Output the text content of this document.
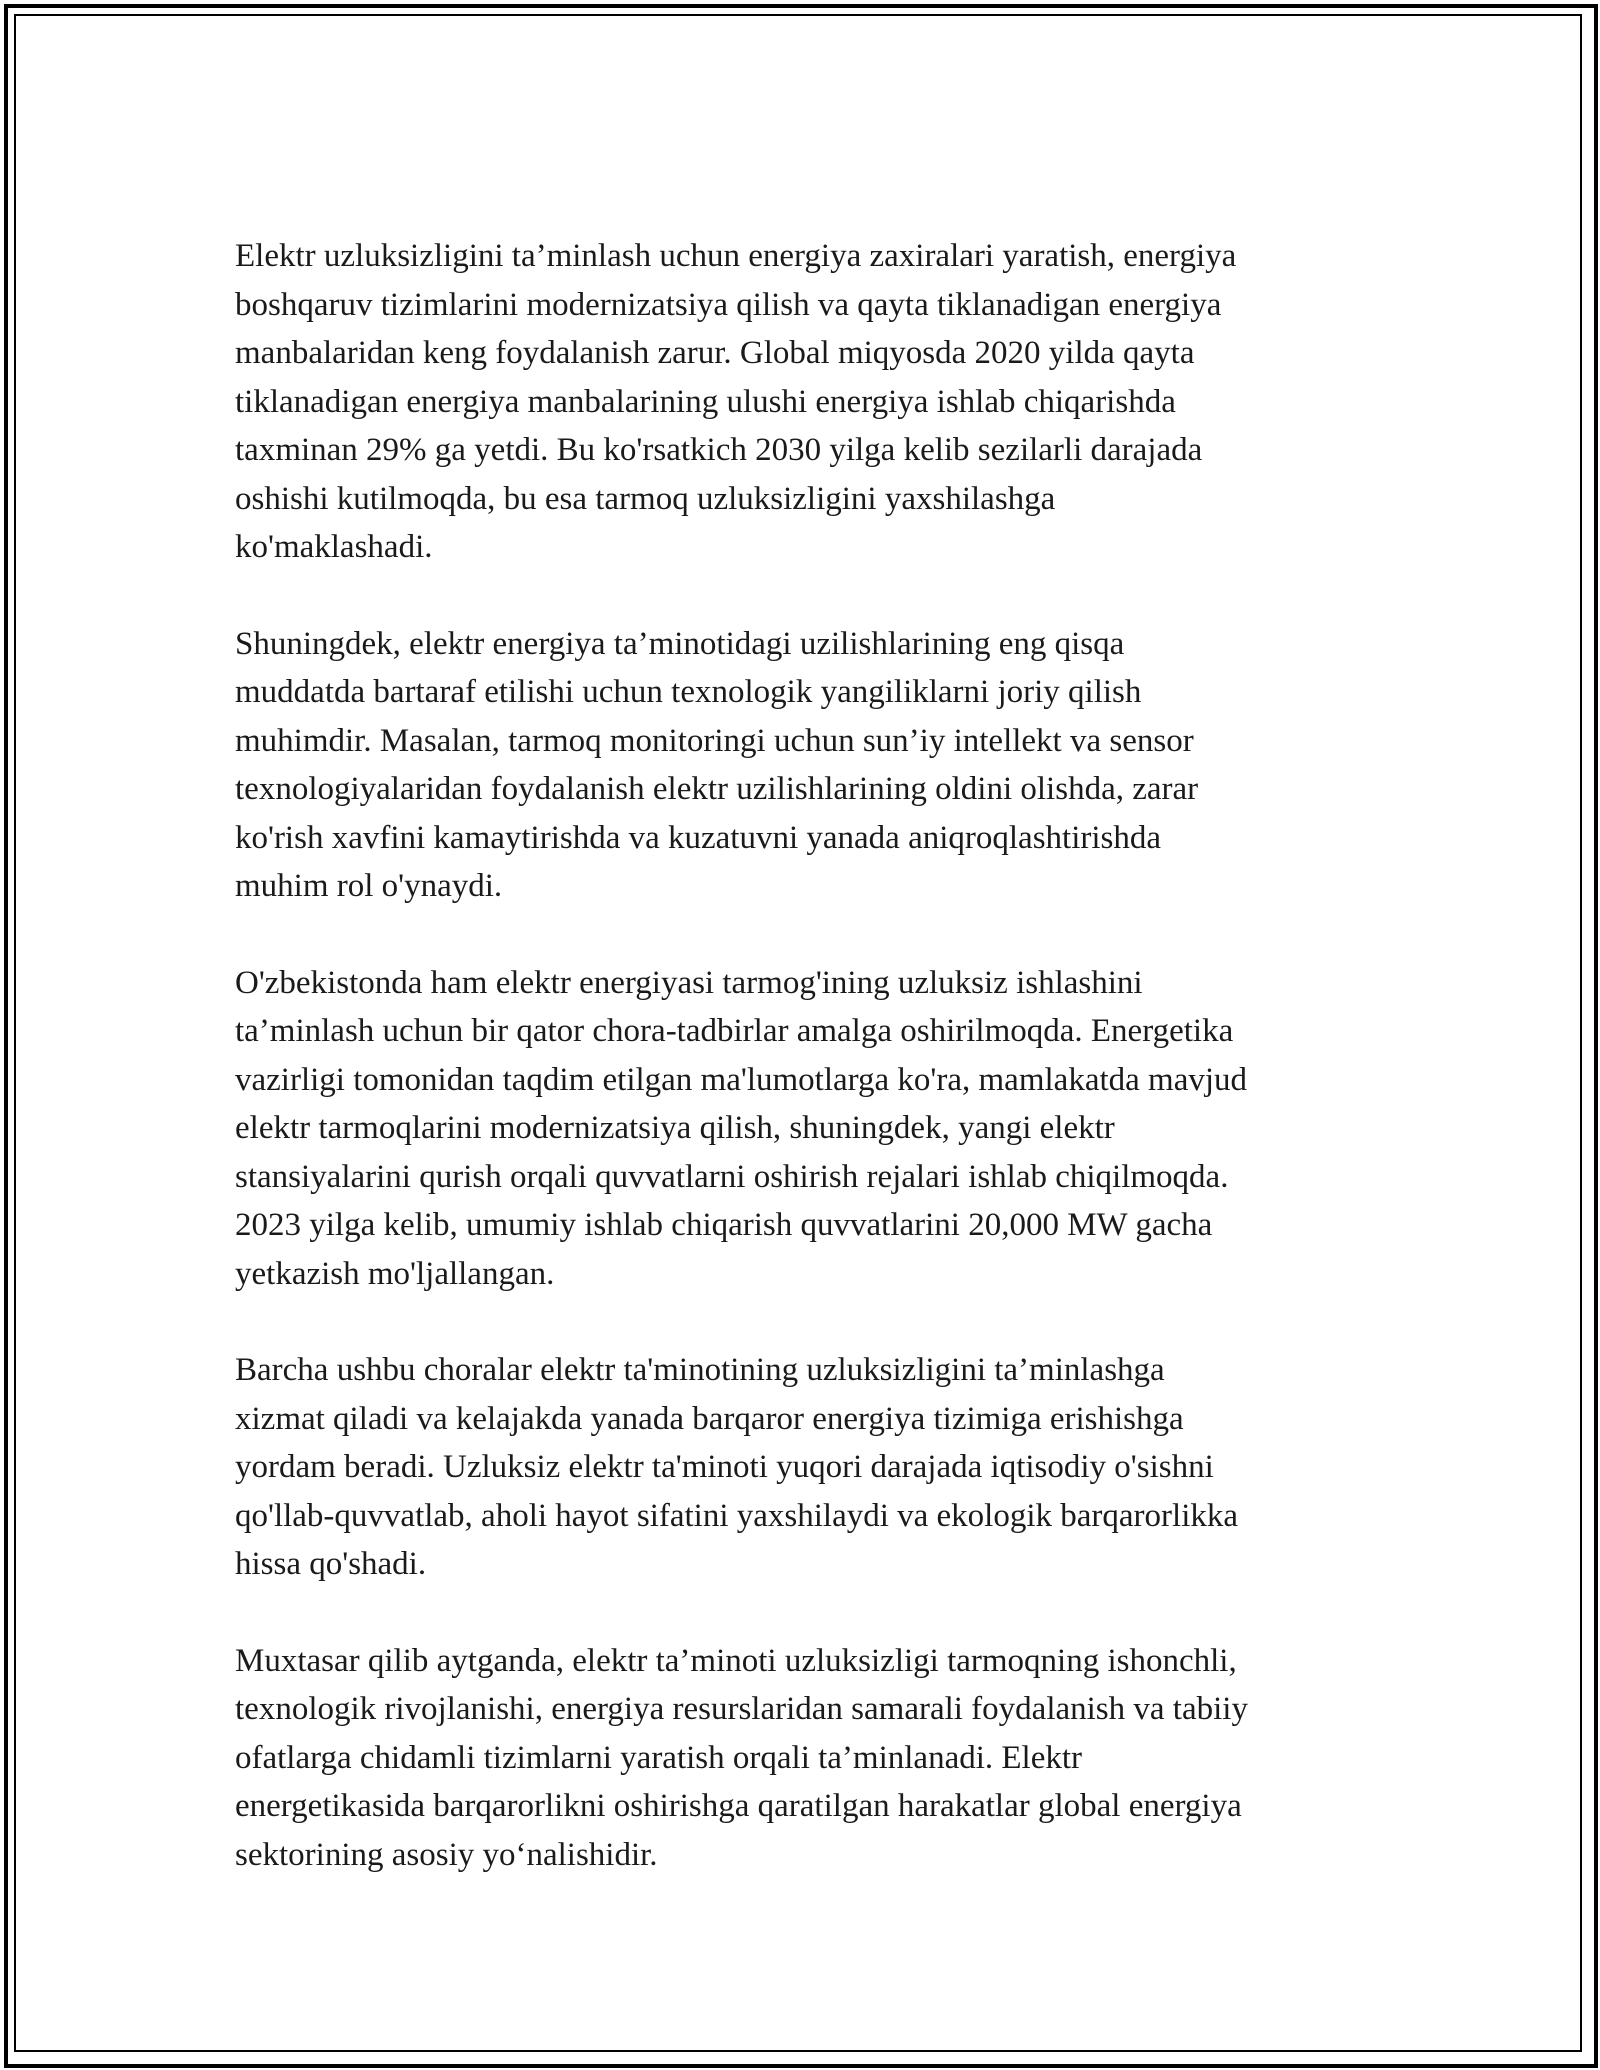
Elektr uzluksizligini ta’minlash uchun energiya zaxiralari yaratish, energiya
boshqaruv tizimlarini modernizatsiya qilish va qayta tiklanadigan energiya
manbalaridan keng foydalanish zarur. Global miqyosda 2020 yilda qayta
tiklanadigan energiya manbalarining ulushi energiya ishlab chiqarishda
taxminan 29% ga yetdi. Bu ko'rsatkich 2030 yilga kelib sezilarli darajada
oshishi kutilmoqda, bu esa tarmoq uzluksizligini yaxshilashga
ko'maklashadi.

Shuningdek, elektr energiya ta’minotidagi uzilishlarining eng qisqa
muddatda bartaraf etilishi uchun texnologik yangiliklarni joriy qilish
muhimdir. Masalan, tarmoq monitoringi uchun sun’iy intellekt va sensor
texnologiyalaridan foydalanish elektr uzilishlarining oldini olishda, zarar
ko'rish xavfini kamaytirishda va kuzatuvni yanada aniqroqlashtirishda
muhim rol o'ynaydi.

O'zbekistonda ham elektr energiyasi tarmog'ining uzluksiz ishlashini
ta’minlash uchun bir qator chora-tadbirlar amalga oshirilmoqda. Energetika
vazirligi tomonidan taqdim etilgan ma'lumotlarga ko'ra, mamlakatda mavjud
elektr tarmoqlarini modernizatsiya qilish, shuningdek, yangi elektr
stansiyalarini qurish orqali quvvatlarni oshirish rejalari ishlab chiqilmoqda.
2023 yilga kelib, umumiy ishlab chiqarish quvvatlarini 20,000 MW gacha
yetkazish mo'ljallangan.

Barcha ushbu choralar elektr ta'minotining uzluksizligini ta’minlashga
xizmat qiladi va kelajakda yanada barqaror energiya tizimiga erishishga
yordam beradi. Uzluksiz elektr ta'minoti yuqori darajada iqtisodiy o'sishni
qo'llab-quvvatlab, aholi hayot sifatini yaxshilaydi va ekologik barqarorlikka
hissa qo'shadi.

Muxtasar qilib aytganda, elektr ta’minoti uzluksizligi tarmoqning ishonchli,
texnologik rivojlanishi, energiya resurslaridan samarali foydalanish va tabiiy
ofatlarga chidamli tizimlarni yaratish orqali ta’minlanadi. Elektr
energetikasida barqarorlikni oshirishga qaratilgan harakatlar global energiya
sektorining asosiy yo‘nalishidir.
